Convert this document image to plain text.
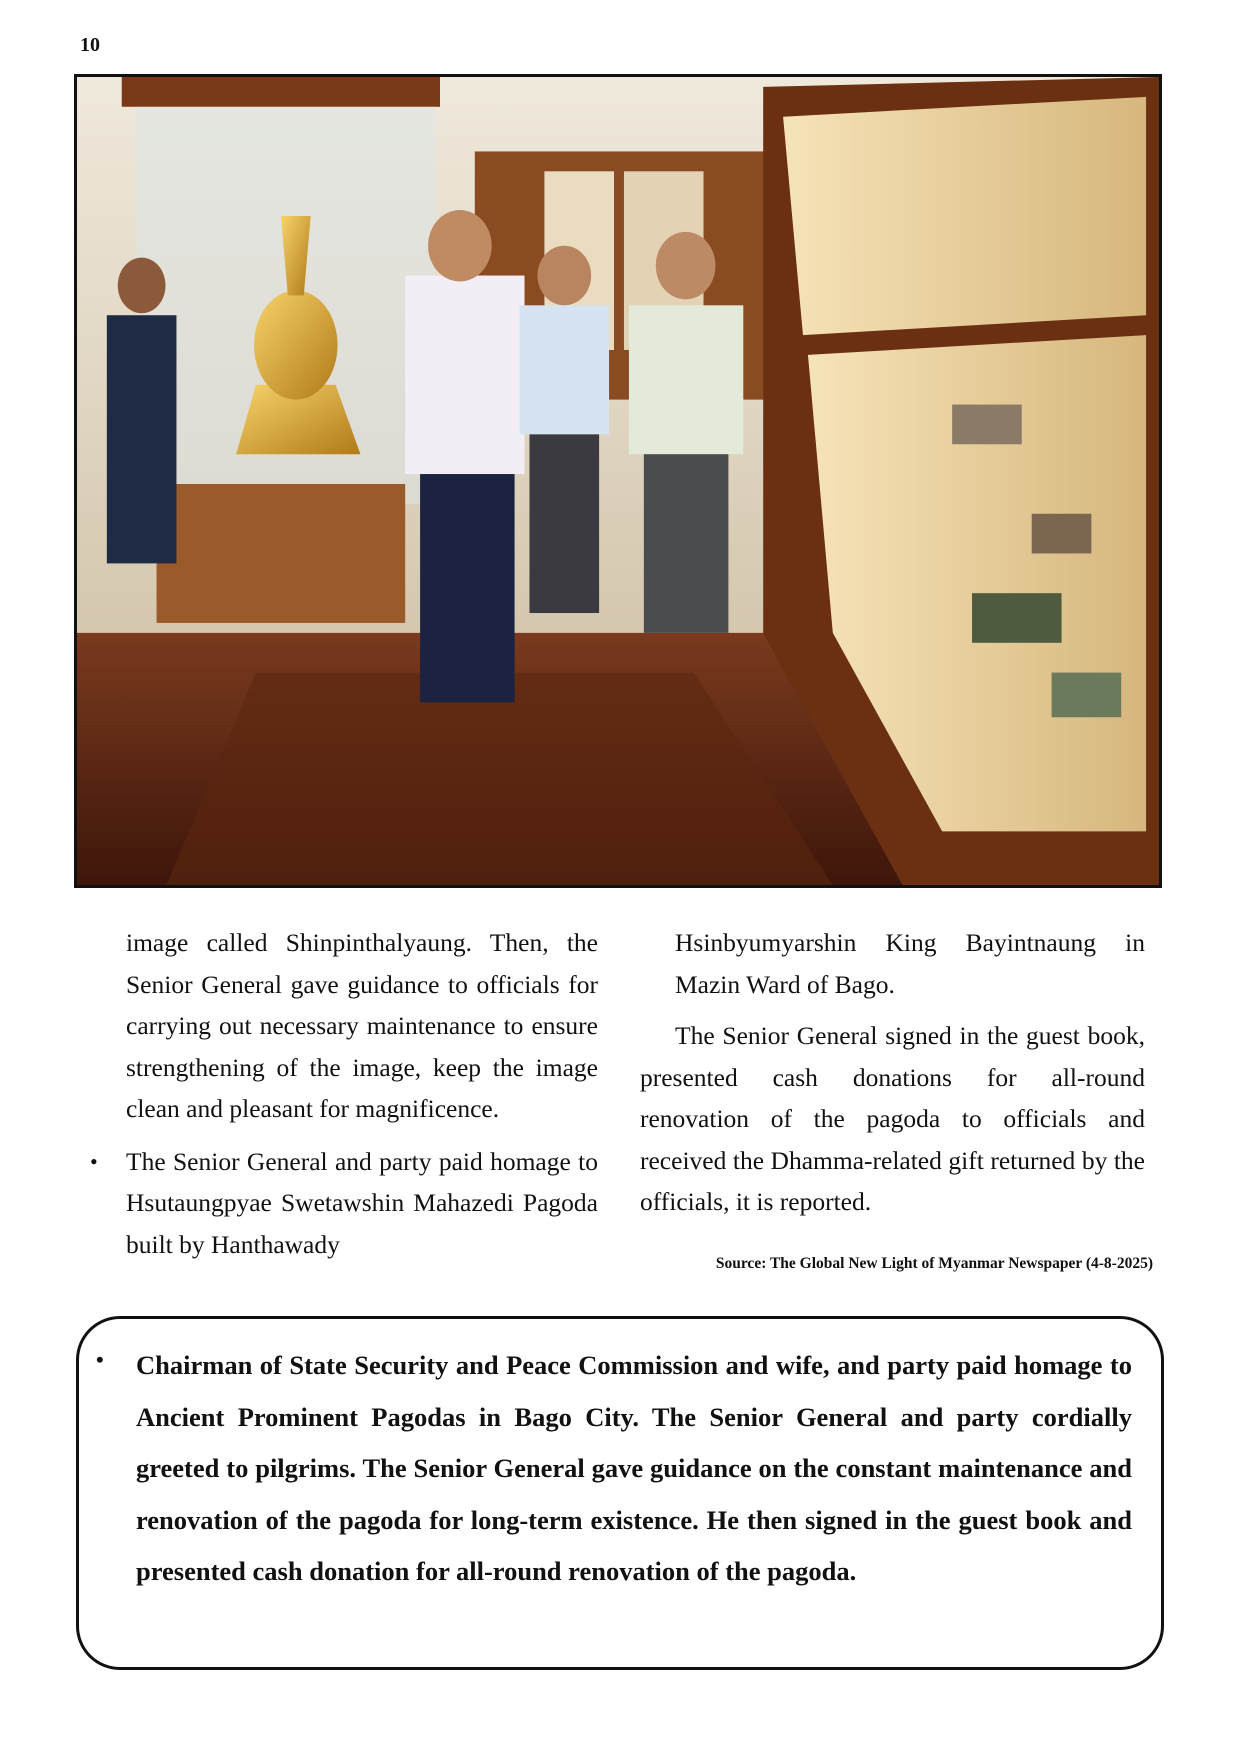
10

image called Shinpinthalyaung. Then, the Senior General gave guidance to officials for carrying out necessary maintenance to ensure strengthening of the image, keep the image clean and pleasant for magnificence.

• The Senior General and party paid homage to Hsutaungpyae Swetawshin Mahazedi Pagoda built by Hanthawady

Hsinbyumyarshin King Bayintnaung in Mazin Ward of Bago.

The Senior General signed in the guest book, presented cash donations for all-round renovation of the pagoda to officials and received the Dhamma-related gift returned by the officials, it is reported.

Source: The Global New Light of Myanmar Newspaper (4-8-2025)
• Chairman of State Security and Peace Commission and wife, and party paid homage to Ancient Prominent Pagodas in Bago City. The Senior General and party cordially greeted to pilgrims. The Senior General gave guidance on the constant maintenance and renovation of the pagoda for long-term existence. He then signed in the guest book and presented cash donation for all-round renovation of the pagoda.
